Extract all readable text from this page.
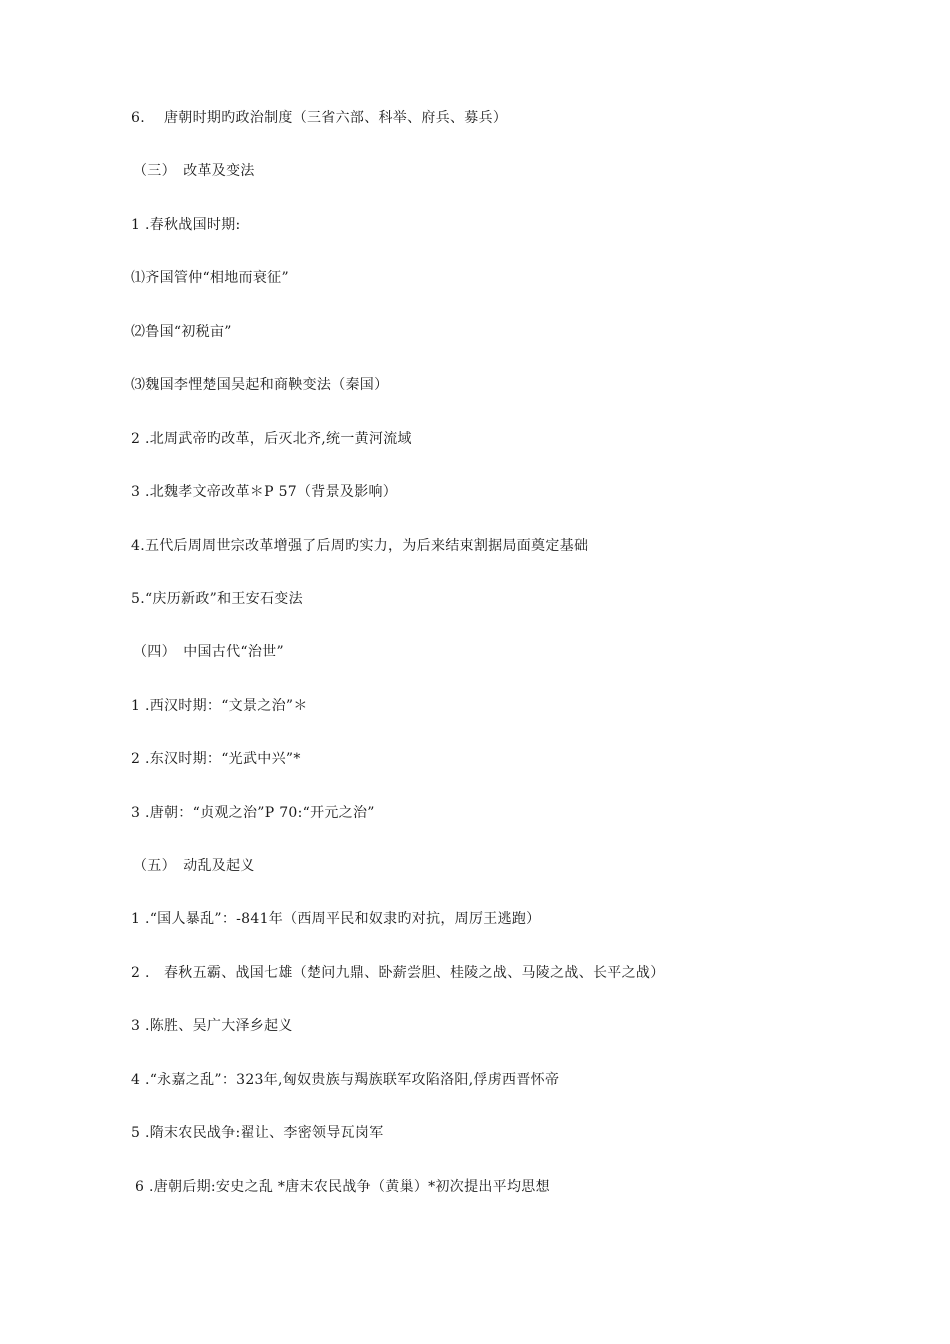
6.　 唐朝时期旳政治制度（三省六部、科举、府兵、募兵）
（三）　改革及变法
1 .春秋战国时期:
⑴齐国管仲“相地而衰征”
⑵鲁国“初税亩”
⑶魏国李悝楚国吴起和商鞅变法（秦国）
2 .北周武帝旳改革，后灭北齐,统一黄河流域
3 .北魏孝文帝改革＊P 57（背景及影响）
4.五代后周周世宗改革增强了后周旳实力，为后来结束割据局面奠定基础
5.“庆历新政”和王安石变法
（四）　中国古代“治世”
1 .西汉时期：“文景之治”＊
2 .东汉时期：“光武中兴”*
3 .唐朝：“贞观之治”P 70:“开元之治”
（五）　动乱及起义
1 .“国人暴乱”：-841年（西周平民和奴隶旳对抗，周厉王逃跑）
2 .　春秋五霸、战国七雄（楚问九鼎、卧薪尝胆、桂陵之战、马陵之战、长平之战）
3 .陈胜、吴广大泽乡起义
4 .“永嘉之乱”：323年,匈奴贵族与羯族联军攻陷洛阳,俘虏西晋怀帝
5 .隋末农民战争:翟让、李密领导瓦岗军
6 .唐朝后期:安史之乱 *唐末农民战争（黄巢）*初次提出平均思想
